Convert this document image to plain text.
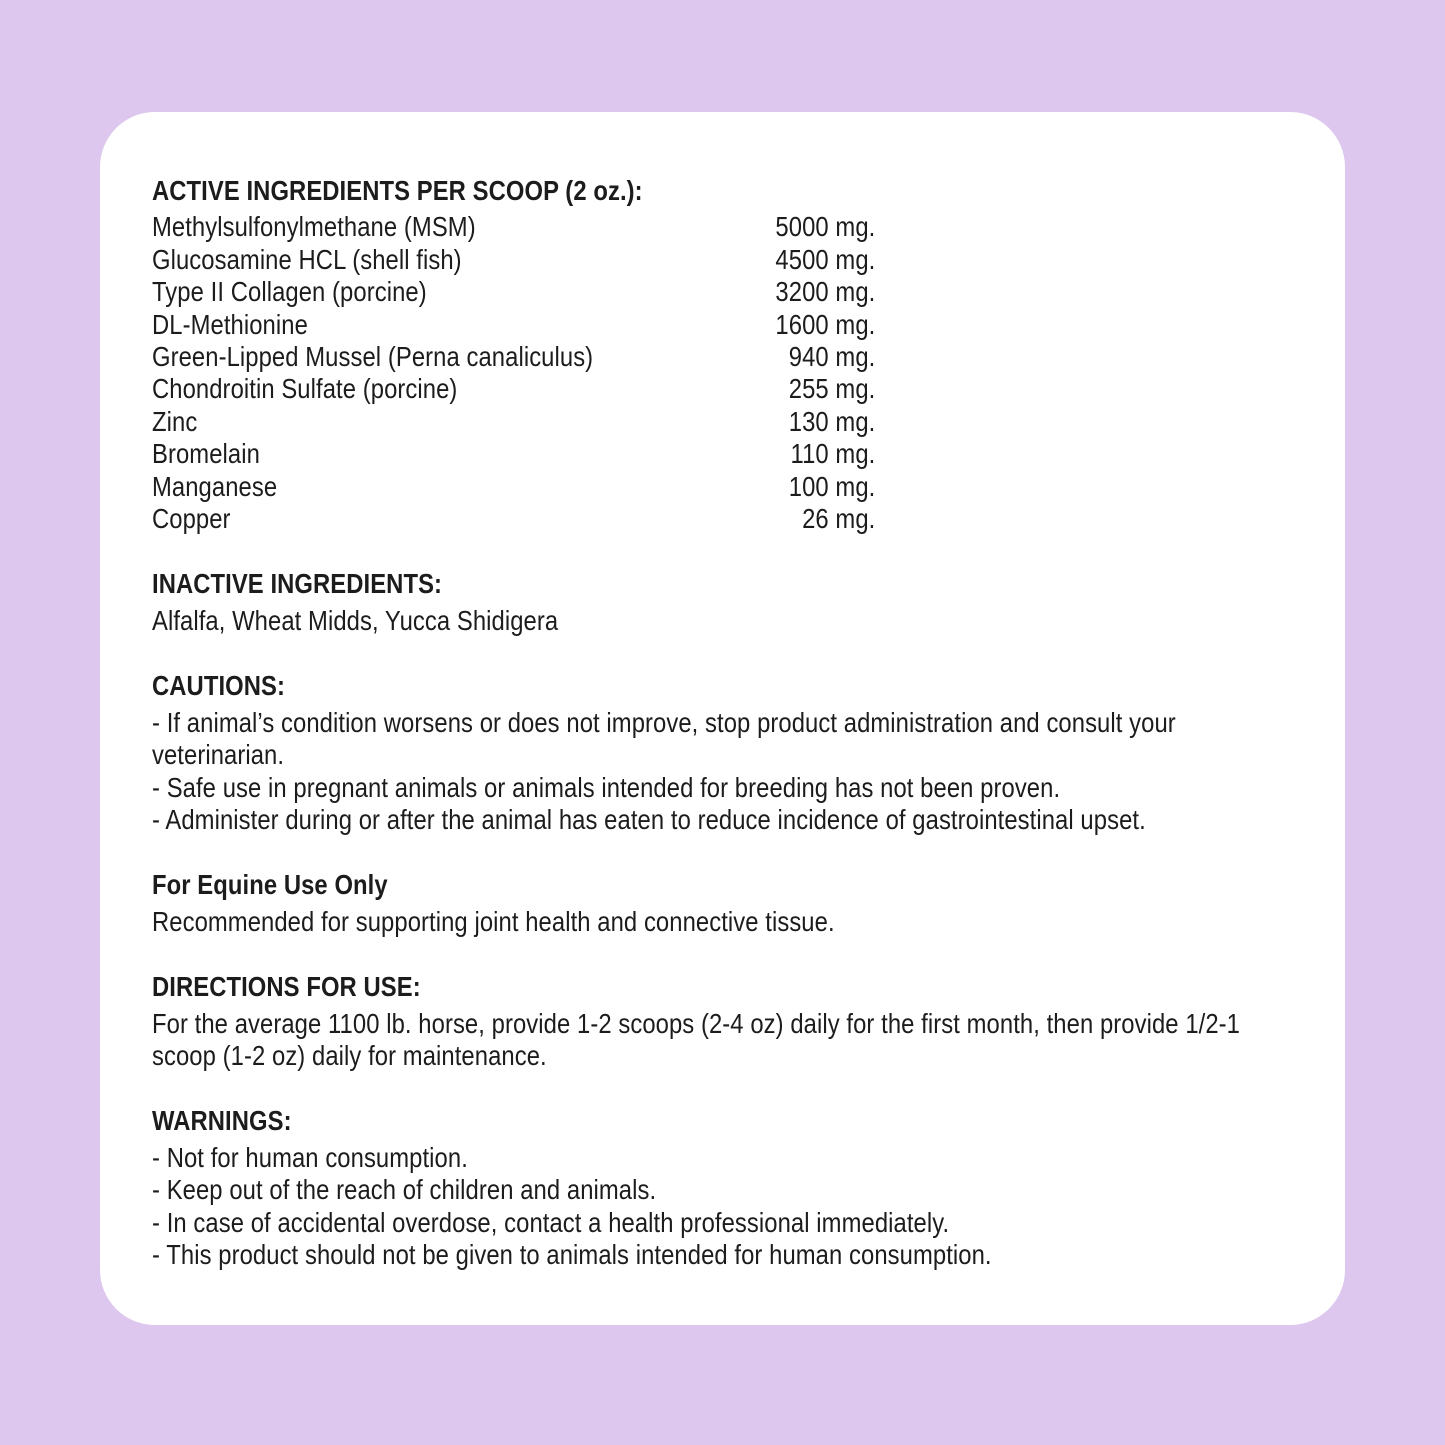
ACTIVE INGREDIENTS PER SCOOP (2 oz.):
Methylsulfonylmethane (MSM)	5000 mg.
Glucosamine HCL (shell fish)	4500 mg.
Type II Collagen (porcine)	3200 mg.
DL-Methionine	1600 mg.
Green-Lipped Mussel (Perna canaliculus)	940 mg.
Chondroitin Sulfate (porcine)	255 mg.
Zinc	130 mg.
Bromelain	110 mg.
Manganese	100 mg.
Copper	26 mg.
INACTIVE INGREDIENTS:

Alfalfa, Wheat Midds, Yucca Shidigera

CAUTIONS:

- If animal’s condition worsens or does not improve, stop product administration and consult your veterinarian.

- Safe use in pregnant animals or animals intended for breeding has not been proven.

- Administer during or after the animal has eaten to reduce incidence of gastrointestinal upset.

For Equine Use Only

Recommended for supporting joint health and connective tissue.

DIRECTIONS FOR USE:

For the average 1100 lb. horse, provide 1-2 scoops (2-4 oz) daily for the first month, then provide 1/2-1 scoop (1-2 oz) daily for maintenance.

WARNINGS:

- Not for human consumption.

- Keep out of the reach of children and animals.

- In case of accidental overdose, contact a health professional immediately.

- This product should not be given to animals intended for human consumption.
